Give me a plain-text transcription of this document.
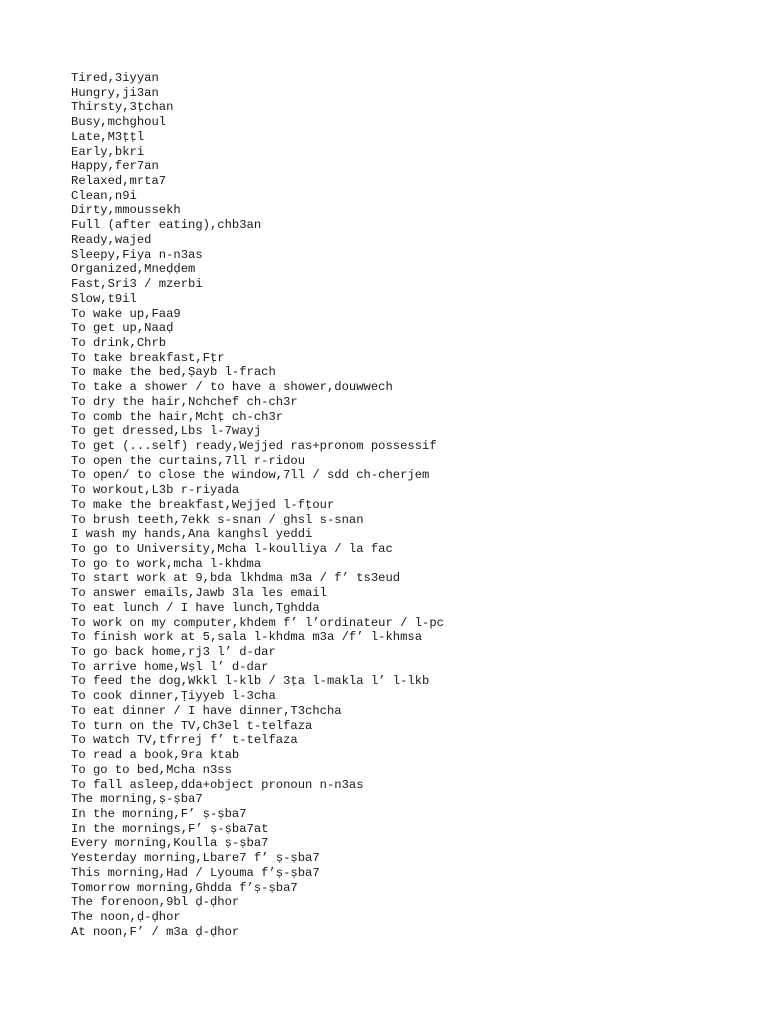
Tired,3iyyan
Hungry,ji3an
Thirsty,3ṭchan
Busy,mchghoul
Late,M3ṭṭl
Early,bkri
Happy,fer7an
Relaxed,mrta7
Clean,n9i
Dirty,mmoussekh
Full (after eating),chb3an
Ready,wajed
Sleepy,Fiya n-n3as
Organized,Mneḍḍem
Fast,Sri3 / mzerbi
Slow,t9il
To wake up,Faa9
To get up,Naaḍ
To drink,Chrb
To take breakfast,Fṭr
To make the bed,Ṣayb l-frach
To take a shower / to have a shower,douwwech
To dry the hair,Nchchef ch-ch3r
To comb the hair,Mchṭ ch-ch3r
To get dressed,Lbs l-7wayj
To get (...self) ready,Wejjed ras+pronom possessif
To open the curtains,7ll r-ridou
To open/ to close the window,7ll / sdd ch-cherjem
To workout,L3b r-riyada
To make the breakfast,Wejjed l-fṭour
To brush teeth,7ekk s-snan / ghsl s-snan
I wash my hands,Ana kanghsl yeddi
To go to University,Mcha l-koulliya / la fac
To go to work,mcha l-khdma
To start work at 9,bda lkhdma m3a / f’ ts3eud
To answer emails,Jawb 3la les email
To eat lunch / I have lunch,Tghdda
To work on my computer,khdem f’ l’ordinateur / l-pc
To finish work at 5,sala l-khdma m3a /f’ l-khmsa
To go back home,rj3 l’ d-dar
To arrive home,Wṣl l’ d-dar
To feed the dog,Wkkl l-klb / 3ṭa l-makla l’ l-lkb
To cook dinner,Ṭiyyeb l-3cha
To eat dinner / I have dinner,T3chcha
To turn on the TV,Ch3el t-telfaza
To watch TV,tfrrej f’ t-telfaza
To read a book,9ra ktab
To go to bed,Mcha n3ss
To fall asleep,dda+object pronoun n-n3as
The morning,ṣ-ṣba7
In the morning,F’ ṣ-ṣba7
In the mornings,F’ ṣ-ṣba7at
Every morning,Koulla ṣ-ṣba7
Yesterday morning,Lbare7 f’ ṣ-ṣba7
This morning,Had / Lyouma f’ṣ-ṣba7
Tomorrow morning,Ghdda f’ṣ-ṣba7
The forenoon,9bl ḍ-ḍhor
The noon,ḍ-ḍhor
At noon,F’ / m3a ḍ-ḍhor
